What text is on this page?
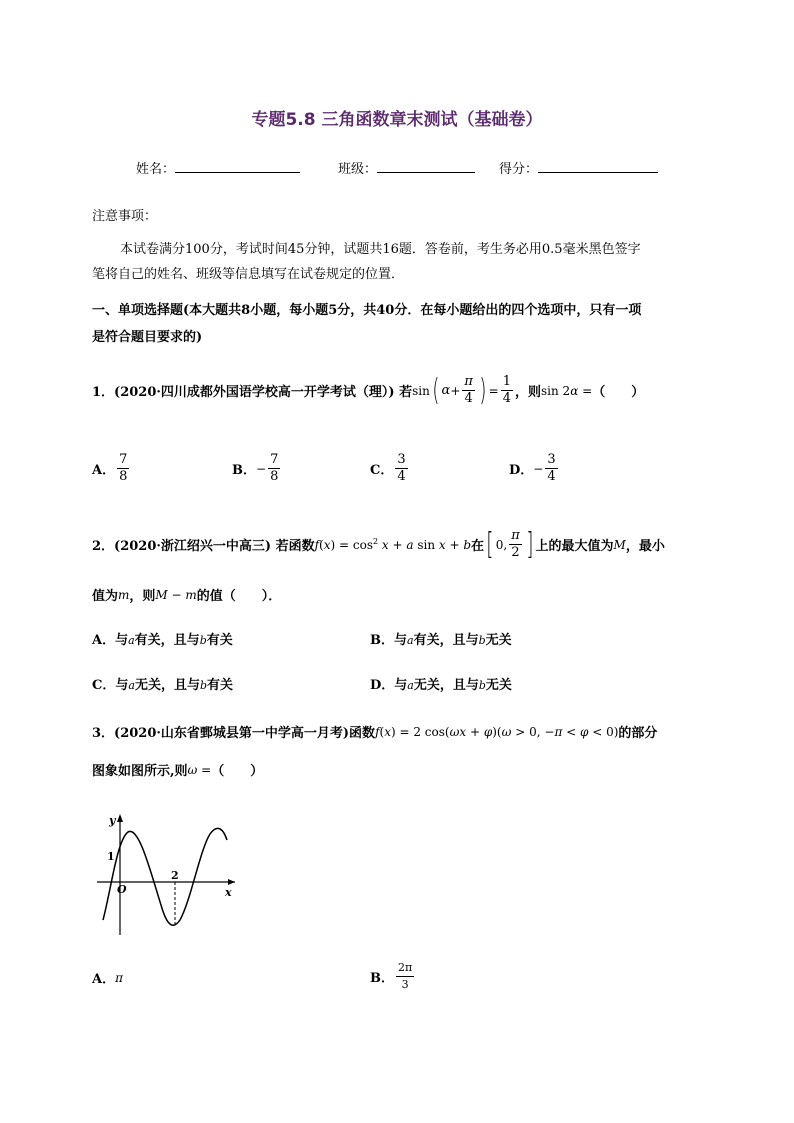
专题5.8 三角函数章末测试（基础卷）
姓名：	班级：	得分：
注意事项：
本试卷满分100分，考试时间45分钟，试题共16题．答卷前，考生务必用0.5毫米黑色签字
笔将自己的姓名、班级等信息填写在试卷规定的位置．
一、单项选择题(本大题共8小题，每小题5分，共40分．在每小题给出的四个选项中，只有一项
是符合题目要求的)
1．(2020·四川成都外国语学校高一开学考试（理）) 若 sin ( $\alpha + \frac{\pi}{4}$ ) = $\frac{1}{4}$ ，则 sin 2α = （　　）
A． $\frac{7}{8}$	B． − $\frac{7}{8}$	C． $\frac{3}{4}$	D． − $\frac{3}{4}$
2．(2020·浙江绍兴一中高三) 若函数 $f(x) = \cos^2 x + a$ sin x + b 在 [ 0, $\frac{\pi}{2}$ ] 上的最大值为 M ，最小
值为 m ，则 M − m 的值（　　）．
A．与a有关，且与b有关	B．与a有关，且与b无关
C．与a无关，且与b有关	D．与a无关，且与b无关
3．(2020·山东省鄄城县第一中学高一月考)函数 f(x) = 2 cos(ωx + φ)(ω > 0, −π < φ < 0) 的部分
图象如图所示,则 ω = （　　）
y
x
O
1
2
A． π	B． $\frac{2\pi}{3}$
